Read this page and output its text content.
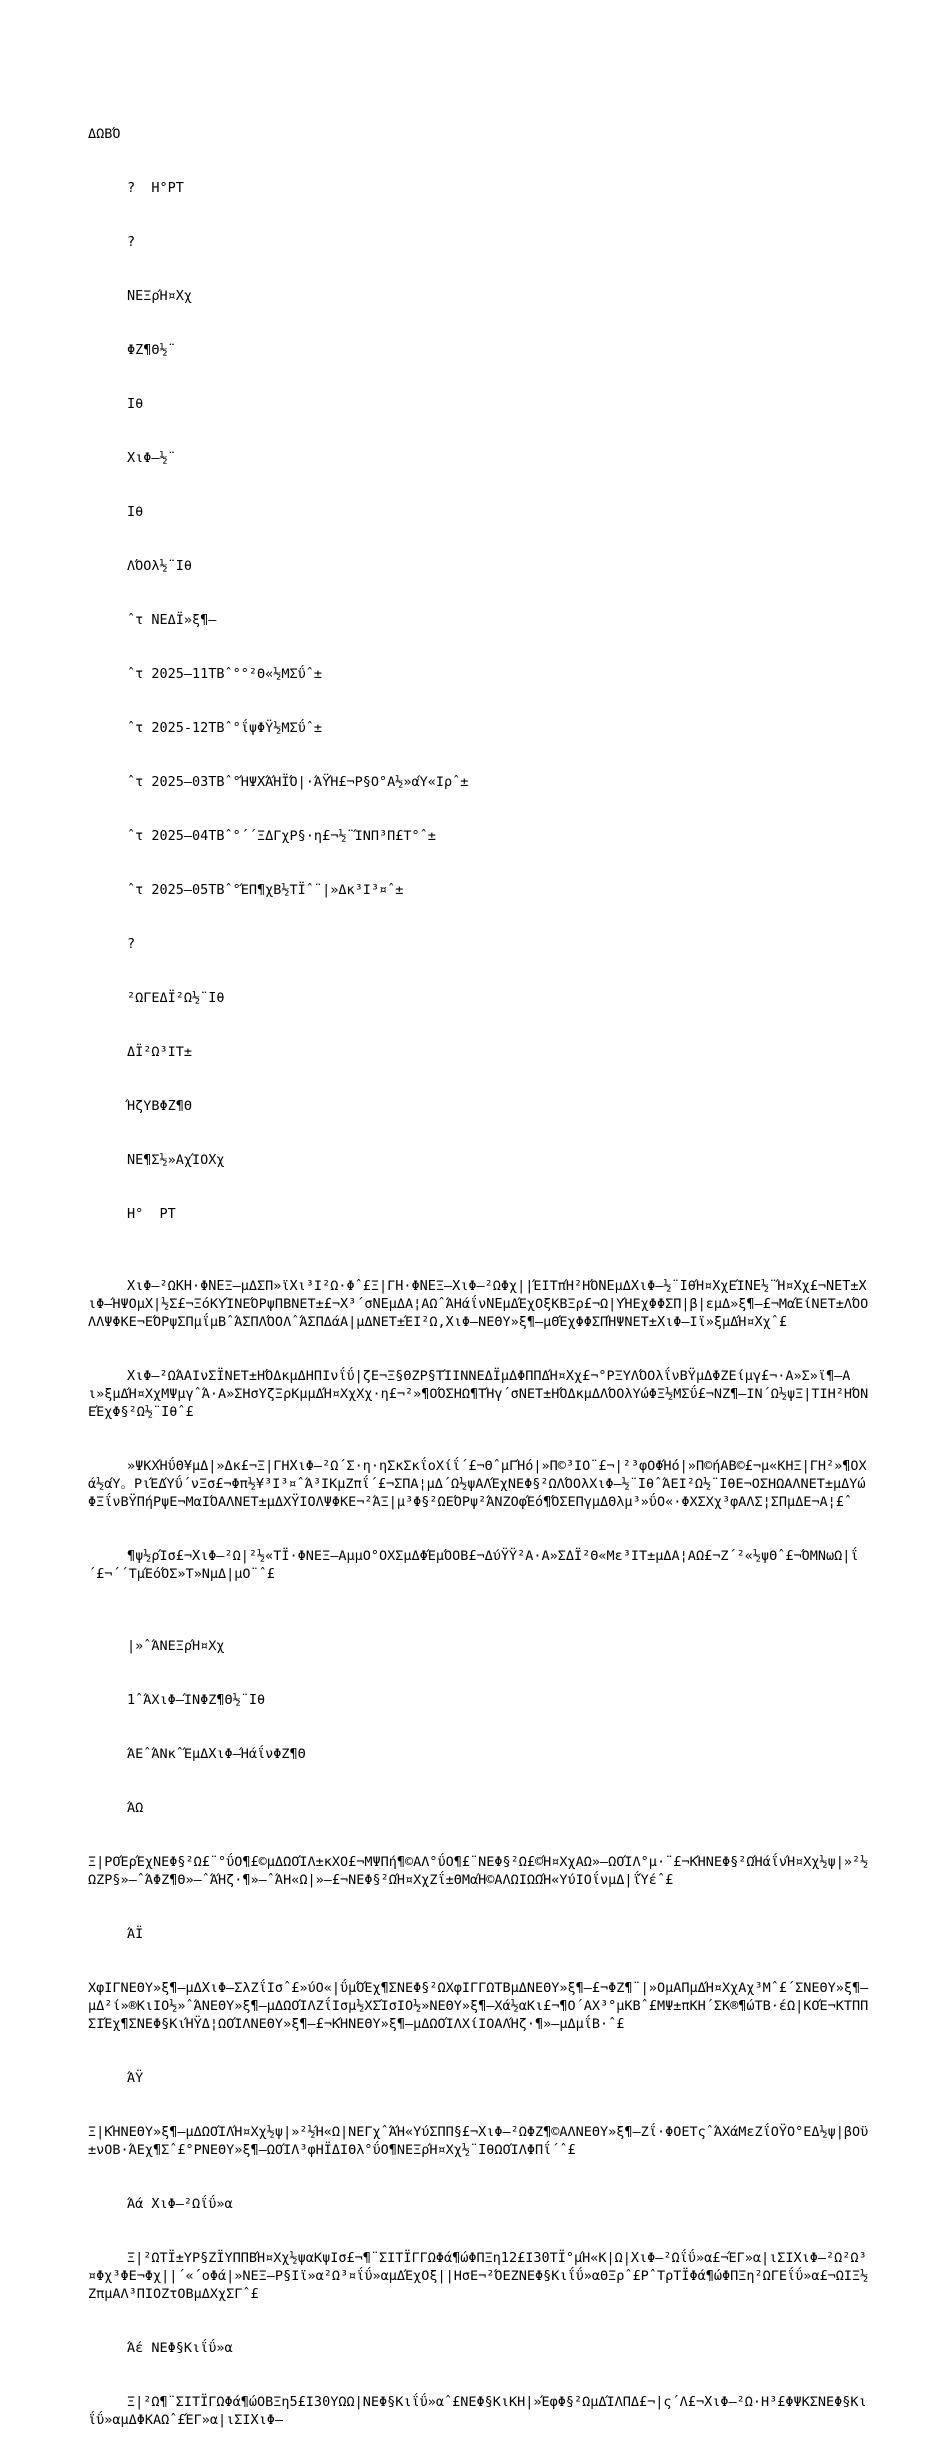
ΔΩΒΌ

?  H°PT

?

NEΞρΉ¤Xχ

ΦZ¶Θ½¨

Iθ

XιΦ—½¨

Iθ

ΛΌΟλ½¨Iθ

ˆτ NEΔΪ»ξ¶—

ˆτ 2025—11TBˆ°°²Θ«½ΜΣΰˆ±

ˆτ 2025-12TBˆ°ΐψΦΫ½ΜΣΰˆ±

ˆτ 2025—03TBˆ°ΉΨXΆΉΪΌ|·ΆΫΉ£¬Ρ§Ο°Α½»αΎ«Ιρˆ±

ˆτ 2025—04TBˆ°´´ΞΔΓχΡ§·η£¬½¨ΊΝΠ³Π£Τ°ˆ±

ˆτ 2025—05TBˆ°ΈΠ¶χΒ½ΤΪˆ¨|»Δκ³Ι³¤ˆ±

?

²ΩΓΕΔΪ²Ω½¨Iθ

ΔΪ²Ω³ΙΤ±

ΉζΥΒΦZ¶Θ

NE¶Σ½»ΑχΊΟXχ

H°  PT

XιΦ—²ΩKH·ΦNEΞ—μΔΣΠ»ϊXι³Ι²Ω·Φˆ£Ξ|ΓH·ΦNEΞ—XιΦ—²ΩΦχ||ΈΙΤπΉ²ΗΌNEμΔXιΦ—½¨IθΉ¤XχΕΊNE½¨Ή¤Xχ£¬NET±XιΦ—ΉΨΟμX|½Σ£¬ΞόΚΥΊΝΕΌΡψΠΒΝΕΤ±£¬X³´σNEμΔΑ¦ΑΩˆΆΗάΐνNEμΔΈχΟξΚΒΞρ£¬Ω|ΥΉΕχΦΦΣΠ|β|εμΔ»ξ¶—£¬ΜαΈίΝΕΤ±ΛΌΟΛΛΨΦΚΕ¬ΕΌΡψΣΠμΐμΒˆΆΣΠΛΌΟΛˆΆΣΠΔάΑ|μΔΝΕΤ±ΈΙ²Ω,XιΦ—ΝΕΘΥ»ξ¶—μΘΈχΦΦΣΠΉΨΝΕΤ±XιΦ—Ιϊ»ξμΔΉ¤Xχˆ£

XιΦ—²ΩΆΑΙνΣΪΝΕΤ±ΗΌΔκμΔΗΠΙνΐΰ|ζΕ¬Ξ§ΘΖΡ§ΤΊΙΝΝΕΔΪμΔΦΠΠΔΉ¤Xχ£¬°ΡΞΥΛΌΟλΐνΒΫμΔΦΖΕίμγ£¬·Α»Σ»ϊ¶—Αι»ξμΔΉ¤ΧχΜΨμγˆΆ·Α»ΣΗσΥζΞρΚμμΔΉ¤ΧχΧχ·η£¬²»¶ΟΌΣΗΩ¶ΤΉγ´σΝΕΤ±ΗΌΔκμΔΛΌΟλΥώΦΞ½ΜΣΰ£¬ΝΖ¶—ΙΝ´Ω½ψΞ|ΤΙΗ²ΗΌΝΕΈχΦ§²Ω½¨Iθˆ£

»ΨΚΧΉΰΘ¥μΔ|»Δκ£¬Ξ|ΓΗXιΦ—²Ω´Σ·η·ηΣκΣκΐοΧίΐ´£¬ΘˆμΓΉό|»Π©³ΙΟ¨£¬|²³φΟΦΉό|»Π©ήΑΒ©£¬μ«ΚΗΞ|ΓΗ²»¶ΟΧά½αΎ。ΡιΈΔΎΰ´νΞσ£¬Φπ½¥³Ι³¤ˆΆ³ΙΚμΖπΐ´£¬ΣΠΑ¦μΔ´Ω½ψΑΛΈχΝΕΦ§²ΩΛΌΟλΧιΦ—½¨IθˆΆΕΙ²Ω½¨IθΕ¬ΟΣΗΩΑΛΝΕΤ±μΔΥώΦΞΐνΒΫΠήΡψΕ¬ΜαΙΌΑΛΝΕΤ±μΔΧΫΙΟΛΨΦΚΕ¬²ΆΞ|μ³Φ§²ΩΕΌΡψ²ΆΝΖΟφΈό¶ΌΣΕΠγμΔΘλμ³»ΰΟ«·ΦΧΣΧχ³φΑΛΣ¦ΣΠμΔΕ¬Α¦£ˆ

¶ψ½ρΊσ£¬XιΦ—²Ω|²½«ΤΪ·ΦΝΕΞ—ΑμμΟ°ΟΧΣμΔΦΈμΌΟΒ£¬ΔύΫΫ²Α·Α»ΣΔΪ²Θ«Με³ΙΤ±μΔΑ¦ΑΩ£¬Ζ´²«½ψΘˆ£¬ΌΜΝωΩ|ΐ´£¬´´ΤμΈόΌΣ»Τ»ΝμΔ|μΟ¨ˆ£

|»ˆΆΝΕΞρΉ¤Χχ

1ˆΆΧιΦ—ΊΝΦΖ¶Θ½¨Iθ

ΆΕˆΆΝκˆΈμΔXιΦ—ΉάΐνΦΖ¶Θ

ΆΩ

Ξ|ΡΟΈρΈχΝΕΦ§²Ω£¨°ΰΟ¶£©μΔΩΟΊΛ±κΧΟ£¬ΜΨΠή¶©ΑΛ°ΰΟ¶£¨ΝΕΦ§²Ω£©Ή¤ΧχΑΩ»—ΩΟΊΛ°μ·¨£¬ΚΉΝΕΦ§²ΩΉάΐνΉ¤Χχ½ψ|»²½ΩΖΡ§»—ˆΆΦΖ¶Θ»—ˆΆΉζ·¶»—ˆΆΗ«Ω|»—£¬ΝΕΦ§²ΩΉ¤ΧχΖΐ±ΘΜαΉ©ΑΛΩΙΩΩΉ«ΥύΙΟΐνμΔ|ΐΎέˆ£

ΆΪ

ΧφΙΓΝΕΘΥ»ξ¶—μΔXιΦ—ΣλΖΐΙσˆ£»ύΟ«|ΰμΌΈχ¶ΣΝΕΦ§²ΩΧφΙΓΓΩΤΒμΔΝΕΘΥ»ξ¶—£¬ΦΖ¶¨|»ΟμΑΠμΔΉ¤ΧχΑχ³Μˆ£´ΣΝΕΘΥ»ξ¶—μΔ²ί»®ΚιΙΟ½»ˆΆΝΕΘΥ»ξ¶—μΔΩΟΊΛΖΐΙσμ½ΧΣΊσΙΟ½»ΝΕΘΥ»ξ¶—Χά½αΚι£¬¶Ο´ΑΧ³°μΚΒˆ£ΜΨ±πΚΗ´ΣΚ®¶ώΤΒ·έΩ|ΚΟΈ¬ΚΤΠΠΣΙΈχ¶ΣΝΕΦ§ΚιΉΫΔ¦ΩΟΊΛΝΕΘΥ»ξ¶—£¬ΚΉΝΕΘΥ»ξ¶—μΔΩΟΊΛΧίΙΟΑΛΉζ·¶»—μΔμΐΒ·ˆ£

ΆΫ

Ξ|ΚΉΝΕΘΥ»ξ¶—μΔΩΟΊΛΉ¤Χχ½ψ|»²½Ή«Ω|ΝΕΓχˆΆΉ«ΥύΣΠΠ§£¬XιΦ—²ΩΦΖ¶©ΑΛΝΕΘΥ»ξ¶—Ζΐ·ΦΟΕΤςˆΆΧάΜεΖΐΟΫΟ°ΕΔ½ψ|βΟϋ±νΟΒ·ΆΕχ¶Σˆ£°ΡΝΕΘΥ»ξ¶—ΩΟΊΛ³φΗΪΔΙΘλ°ΰΟ¶ΝΕΞρΉ¤Χχ½¨IθΩΟΊΛΦΠΐ´ˆ£

Άά XιΦ—²Ωΐΰ»α

Ξ|²ΩΤΪ±ΥΡ§ΖΪΥΠΠΒΉ¤Χχ½ψαΚψΙσ£¬¶¨ΣΙΤΪΓΓΩΦά¶ώΦΠΞη12£Ι30ΤΪ°μΉ«Κ|Ω|XιΦ—²Ωΐΰ»α£¬ΈΓ»α|ιΣΙXιΦ—²Ω²Ω³¤Φχ³ΦΕ¬Φχ||´«´οΦά|»ΝΕΞ—Ρ§Ιϊ»α²Ω³¤ΐΰ»αμΔΈχΟξ||ΗσΕ¬²ΌΕΖΝΕΦ§Κιΐΰ»αΘΞρˆ£ΡˆΤρΤΪΦά¶ώΦΠΞη²ΩΓΕΐΰ»α£¬ΩΙΞ½ΖπμΑΛ³ΠΙΟΖτΟΒμΔΧχΣΓˆ£

Άέ ΝΕΦ§Κιΐΰ»α

Ξ|²Ω¶¨ΣΙΤΪΓΩΦά¶ώΟΒΞη5£Ι30ΥΩΩ|ΝΕΦ§Κιΐΰ»αˆ£ΝΕΦ§ΚιΚΗ|»ΈφΦ§²ΩμΔΊΛΠΔ£¬|ς´Λ£¬XιΦ—²Ω·Η³£ΦΨΚΣΝΕΦ§Κιΐΰ»αμΔΦΚΑΩˆ£ΈΓ»α|ιΣΙXιΦ—
